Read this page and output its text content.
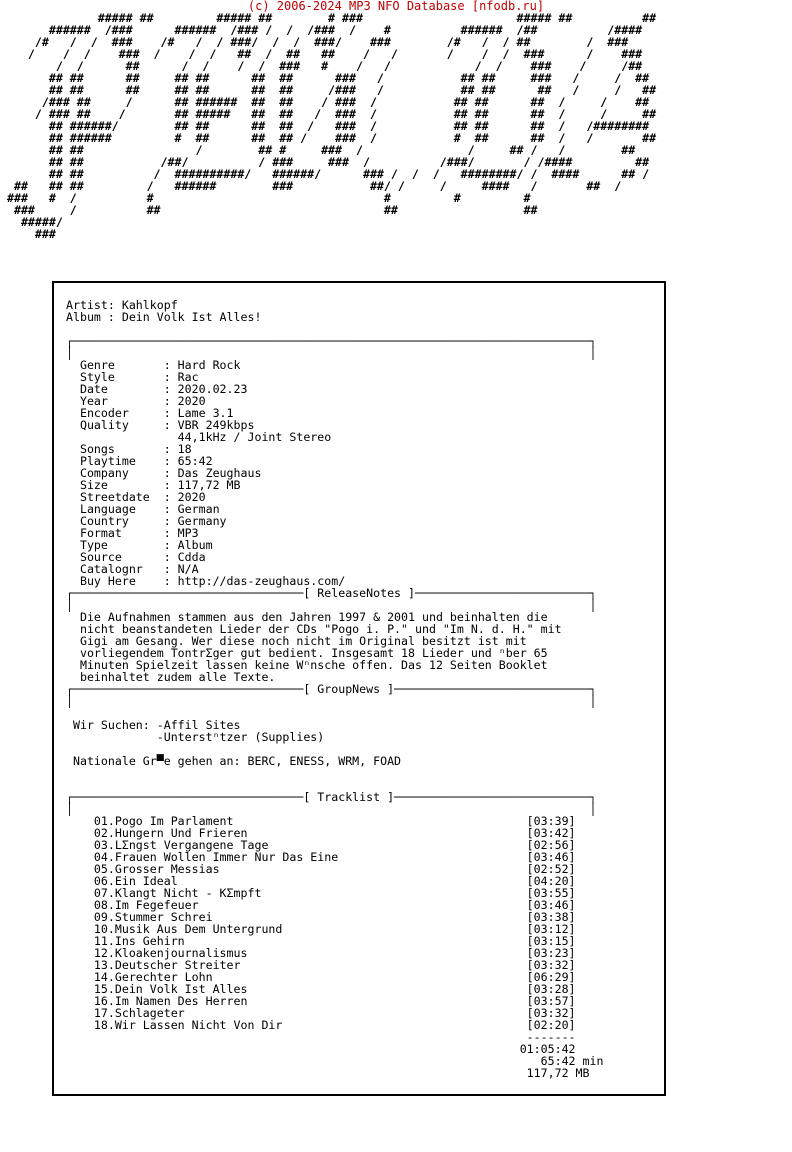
(c) 2006-2024 MP3 NFO Database [nfodb.ru]
##### ##         ##### ##        # ###                      ##### ##          ##
######  /###      ######  /### /  /  /###  /    #          ######  /##          /####
/#   /  /  ###    /#   /  / ###/  /  /  ###/    ###        /#   /  / ##        /  ###
/    /  /    ###  /    /  /   ##  /  ##   ##    /   /       /    /  /  ###      /    ###
/  /      ##      /  /    /  /  ###   #    /   /            /  /    ###    /     /##
## ##      ##     ## ##      ##  ##      ###   /           ## ##     ###   /     /  ##
## ##      ##     ## ##      ##  ##     /###   /           ## ##      ##   /     /   ##
/### ##     /      ## ######  ##  ##    / ###  /           ## ##      ##  /     /    ##
/ ### ##    /       ## #####   ##  ##   /  ###  /           ## ##      ##  /     /     ##
## ######/        ## ##      ##  ##  /   ###  /           ## ##      ##  /   /########
## ######         #  ##      ##  ## /    ###  /           #  ##      ##  /   /       ##
## ##                /        ## #     ###  /               /     ## /   /        ##
## ##           /##/          / ###     ###  /          /###/       / /####         ##
## ##          /  ##########/   ######/      ### /  /  /   ########/ /  ####      ## /
##   ## ##         /   ######        ###           ##/ /     /     ####   /       ##  /
###   #  /          #                                 #         #         #
###     /          ##                                ##                  ##
#####/
###
Artist: Kahlkopf
Album : Dein Volk Ist Alles!

┌──────────────────────────────────────────────────────────────────────────┐
│                                                                          │
Genre       : Hard Rock
Style       : Rac
Date        : 2020.02.23
Year        : 2020
Encoder     : Lame 3.1
Quality     : VBR 249kbps
44,1kHz / Joint Stereo
Songs       : 18
Playtime    : 65:42
Company     : Das Zeughaus
Size        : 117,72 MB
Streetdate  : 2020
Language    : German
Country     : Germany
Format      : MP3
Type        : Album
Source      : Cdda
Catalognr   : N/A
Buy Here    : http://das-zeughaus.com/
┌─────────────────────────────────[ ReleaseNotes ]─────────────────────────┐
│                                                                          │
Die Aufnahmen stammen aus den Jahren 1997 & 2001 und beinhalten die
nicht beanstandeten Lieder der CDs "Pogo i. P." und "Im N. d. H." mit
Gigi am Gesang. Wer diese noch nicht im Original besitzt ist mit
vorliegendem TontrΣger gut bedient. Insgesamt 18 Lieder und ⁿber 65
Minuten Spielzeit lassen keine Wⁿnsche offen. Das 12 Seiten Booklet
beinhaltet zudem alle Texte.
┌─────────────────────────────────[ GroupNews ]────────────────────────────┐
│                                                                          │

Wir Suchen: -Affil Sites
-Unterstⁿtzer (Supplies)

Nationale Gr▀e gehen an: BERC, ENESS, WRM, FOAD

┌─────────────────────────────────[ Tracklist ]────────────────────────────┐
│                                                                          │
01.Pogo Im Parlament                                          [03:39]
02.Hungern Und Frieren                                        [03:42]
03.LΣngst Vergangene Tage                                     [02:56]
04.Frauen Wollen Immer Nur Das Eine                           [03:46]
05.Grosser Messias                                            [02:52]
06.Ein Ideal                                                  [04:20]
07.Klangt Nicht - KΣmpft                                      [03:55]
08.Im Fegefeuer                                               [03:46]
09.Stummer Schrei                                             [03:38]
10.Musik Aus Dem Untergrund                                   [03:12]
11.Ins Gehirn                                                 [03:15]
12.Kloakenjournalismus                                        [03:23]
13.Deutscher Streiter                                         [03:32]
14.Gerechter Lohn                                             [06:29]
15.Dein Volk Ist Alles                                        [03:28]
16.Im Namen Des Herren                                        [03:57]
17.Schlageter                                                 [03:32]
18.Wir Lassen Nicht Von Dir                                   [02:20]
-------
01:05:42
65:42 min
117,72 MB
